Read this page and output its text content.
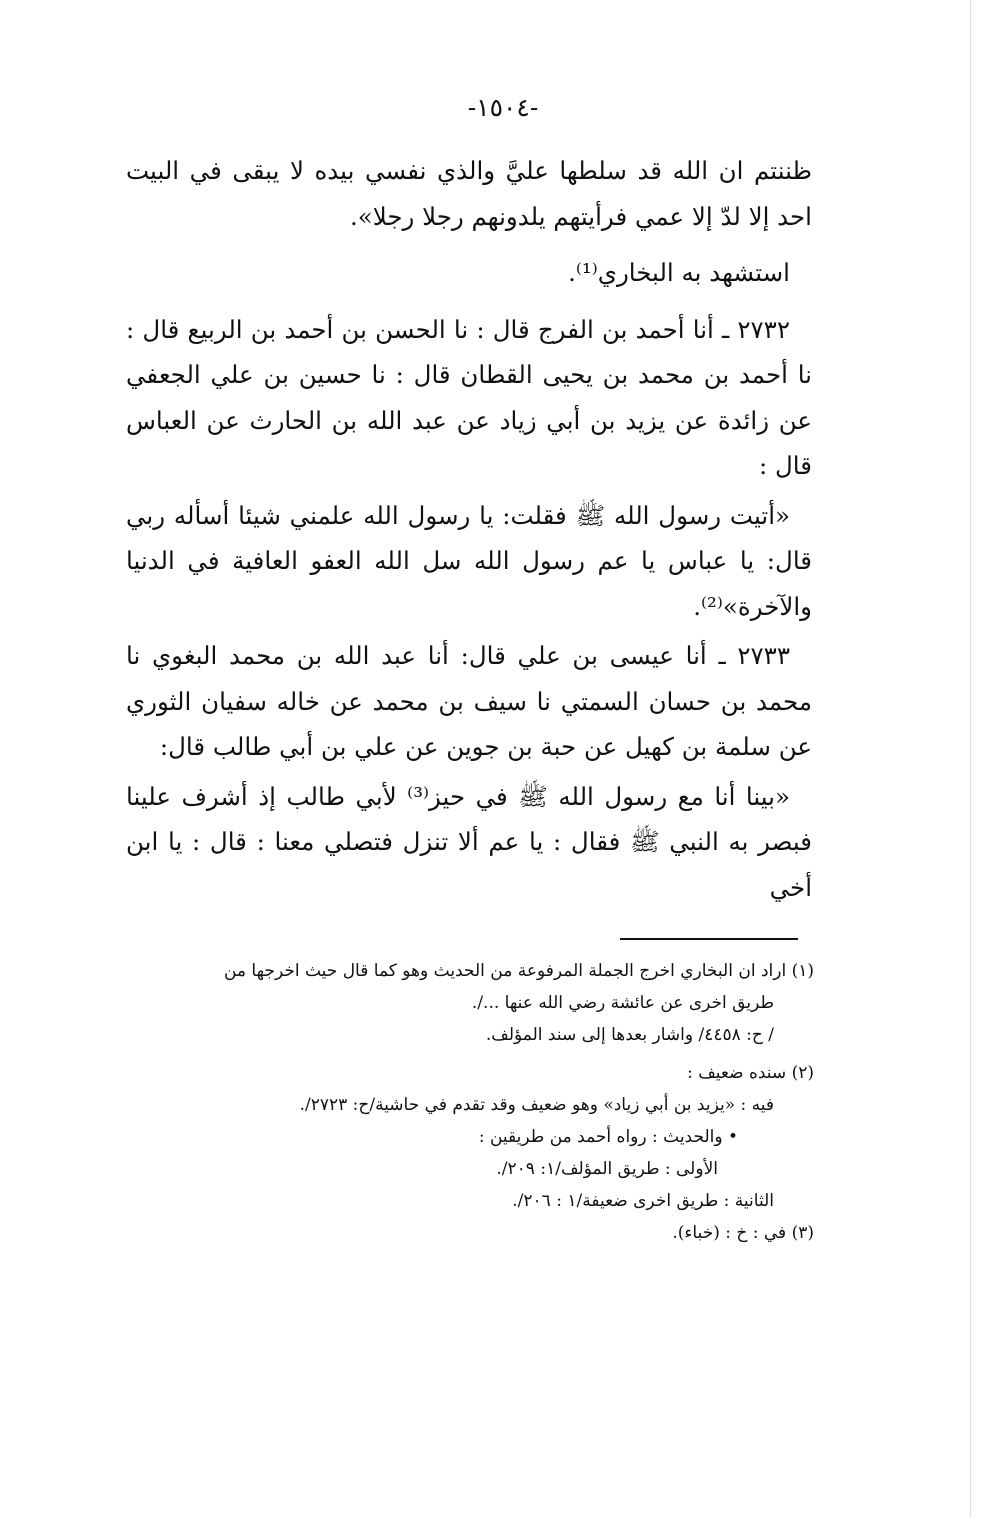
-١٥٠٤-

ظننتم ان الله قد سلطها عليَّ والذي نفسي بيده لا يبقى في البيت احد إلا لدّ إلا عمي فرأيتهم يلدونهم رجلا رجلا».

استشهد به البخاري⁽¹⁾.

٢٧٣٢ ـ أنا أحمد بن الفرج قال : نا الحسن بن أحمد بن الربيع قال : نا أحمد بن محمد بن يحيى القطان قال : نا حسين بن علي الجعفي عن زائدة عن يزيد بن أبي زياد عن عبد الله بن الحارث عن العباس قال :

«أتيت رسول الله ﷺ فقلت: يا رسول الله علمني شيئا أسأله ربي قال: يا عباس يا عم رسول الله سل الله العفو العافية في الدنيا والآخرة»⁽²⁾.

٢٧٣٣ ـ أنا عيسى بن علي قال: أنا عبد الله بن محمد البغوي نا محمد بن حسان السمتي نا سيف بن محمد عن خاله سفيان الثوري عن سلمة بن كهيل عن حبة بن جوين عن علي بن أبي طالب قال:

«بينا أنا مع رسول الله ﷺ في حيز⁽³⁾ لأبي طالب إذ أشرف علينا فبصر به النبي ﷺ فقال : يا عم ألا تنزل فتصلي معنا : قال : يا ابن أخي

(١) اراد ان البخاري اخرج الجملة المرفوعة من الحديث وهو كما قال حيث اخرجها من

طريق اخرى عن عائشة رضي الله عنها .../.

/ ح: ٤٤٥٨/ واشار بعدها إلى سند المؤلف.

(٢) سنده ضعيف :

فيه : «يزيد بن أبي زياد» وهو ضعيف وقد تقدم في حاشية/ح: ٢٧٢٣/.

• والحديث : رواه أحمد من طريقين :

الأولى : طريق المؤلف/١: ٢٠٩/.

الثانية : طريق اخرى ضعيفة/١ : ٢٠٦/.

(٣) في : خ : (خباء).
